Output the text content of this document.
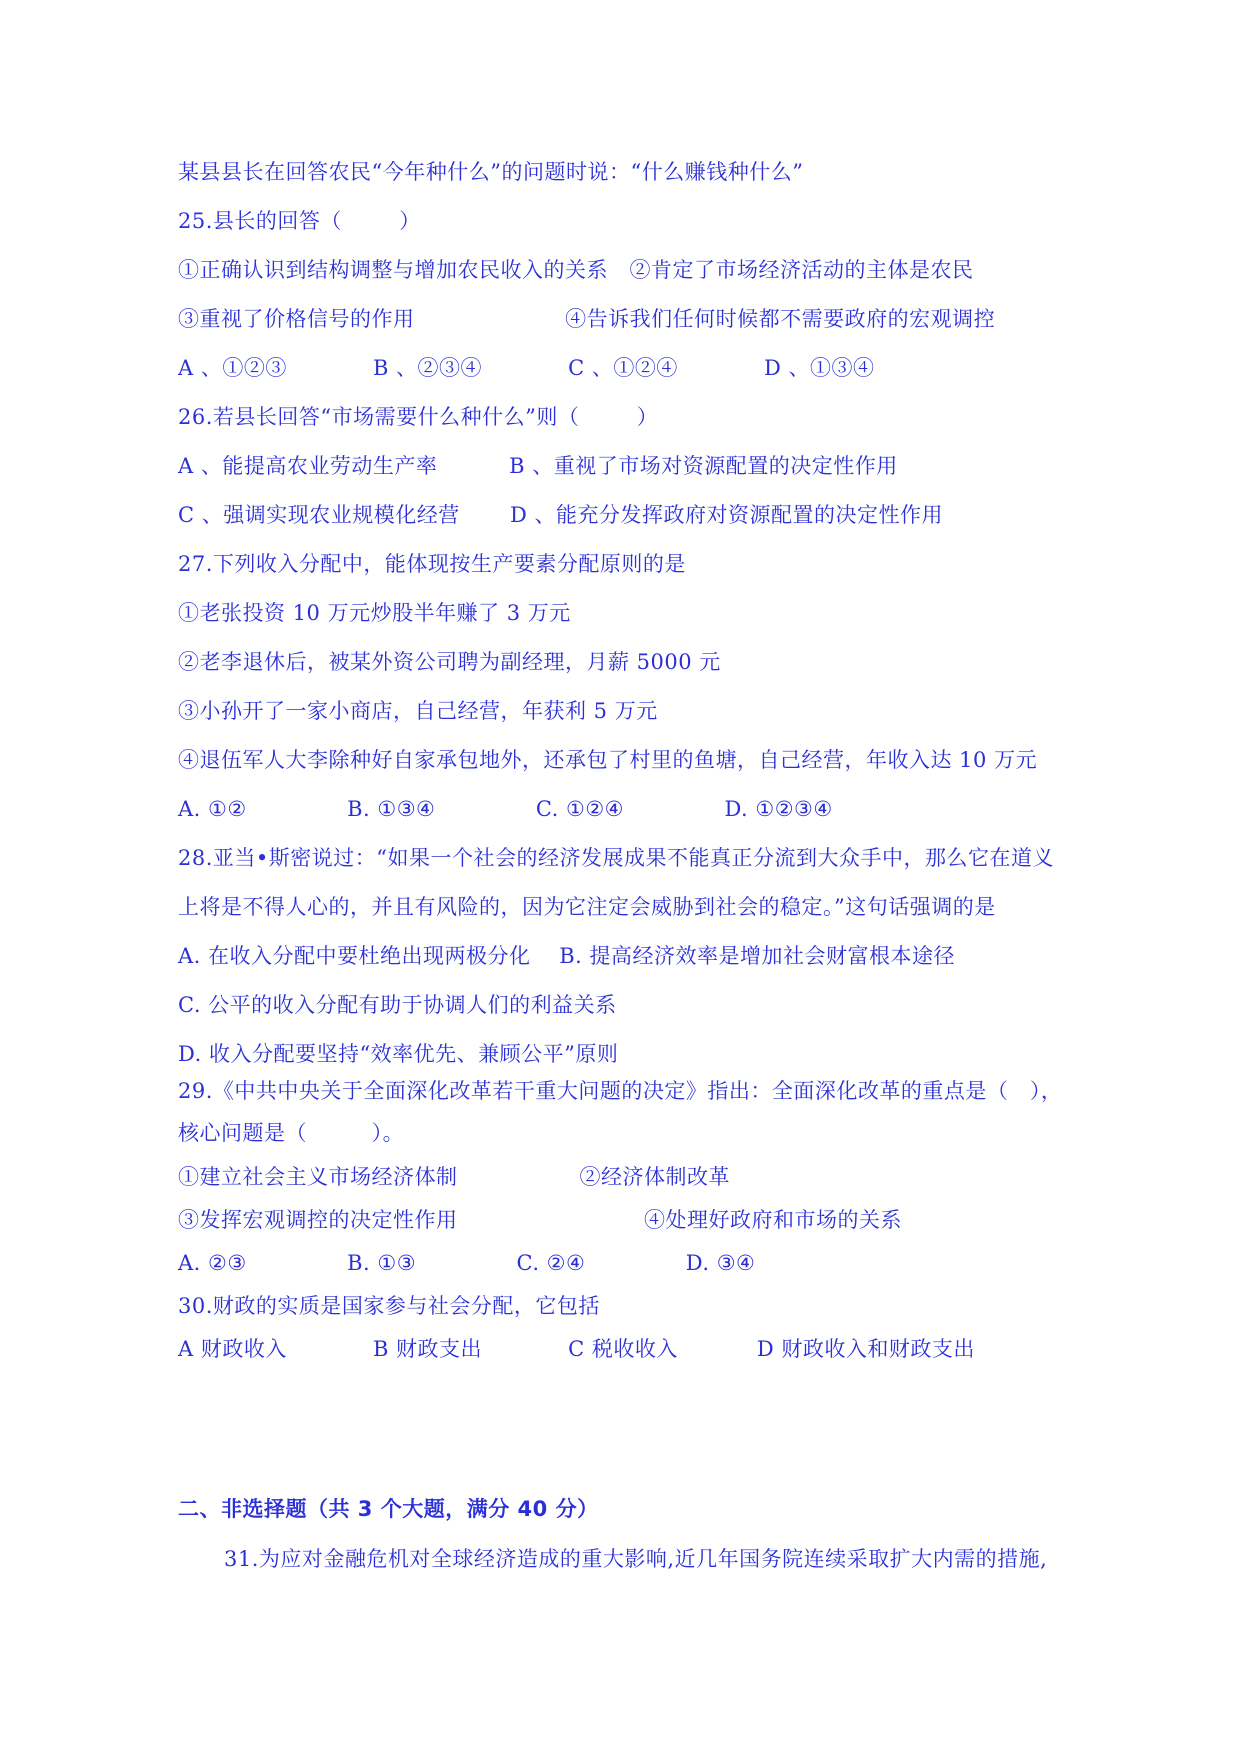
某县县长在回答农民“今年种什么”的问题时说：“什么赚钱种什么”
25.县长的回答（        ）
①正确认识到结构调整与增加农民收入的关系   ②肯定了市场经济活动的主体是农民
③重视了价格信号的作用                     ④告诉我们任何时候都不需要政府的宏观调控
A 、①②③            B 、②③④            C 、①②④            D 、①③④
26.若县长回答“市场需要什么种什么”则（        ）
A 、能提高农业劳动生产率          B 、重视了市场对资源配置的决定性作用
C 、强调实现农业规模化经营       D 、能充分发挥政府对资源配置的决定性作用
27.下列收入分配中，能体现按生产要素分配原则的是
①老张投资 10 万元炒股半年赚了 3 万元
②老李退休后，被某外资公司聘为副经理，月薪 5000 元
③小孙开了一家小商店，自己经营，年获利 5 万元
④退伍军人大李除种好自家承包地外，还承包了村里的鱼塘，自己经营，年收入达 10 万元
A. ①②              B. ①③④              C. ①②④              D. ①②③④
28.亚当•斯密说过：“如果一个社会的经济发展成果不能真正分流到大众手中，那么它在道义
上将是不得人心的，并且有风险的，因为它注定会威胁到社会的稳定。”这句话强调的是
A. 在收入分配中要杜绝出现两极分化    B. 提高经济效率是增加社会财富根本途径
C. 公平的收入分配有助于协调人们的利益关系
D. 收入分配要坚持“效率优先、兼顾公平”原则
29.《中共中央关于全面深化改革若干重大问题的决定》指出：全面深化改革的重点是（   ），
核心问题是（         ）。
①建立社会主义市场经济体制                 ②经济体制改革
③发挥宏观调控的决定性作用                          ④处理好政府和市场的关系
A. ②③              B. ①③              C. ②④              D. ③④
30.财政的实质是国家参与社会分配，它包括
A 财政收入            B 财政支出            C 税收收入           D 财政收入和财政支出
二、非选择题（共 3 个大题，满分 40 分）
31.为应对金融危机对全球经济造成的重大影响,近几年国务院连续采取扩大内需的措施,
